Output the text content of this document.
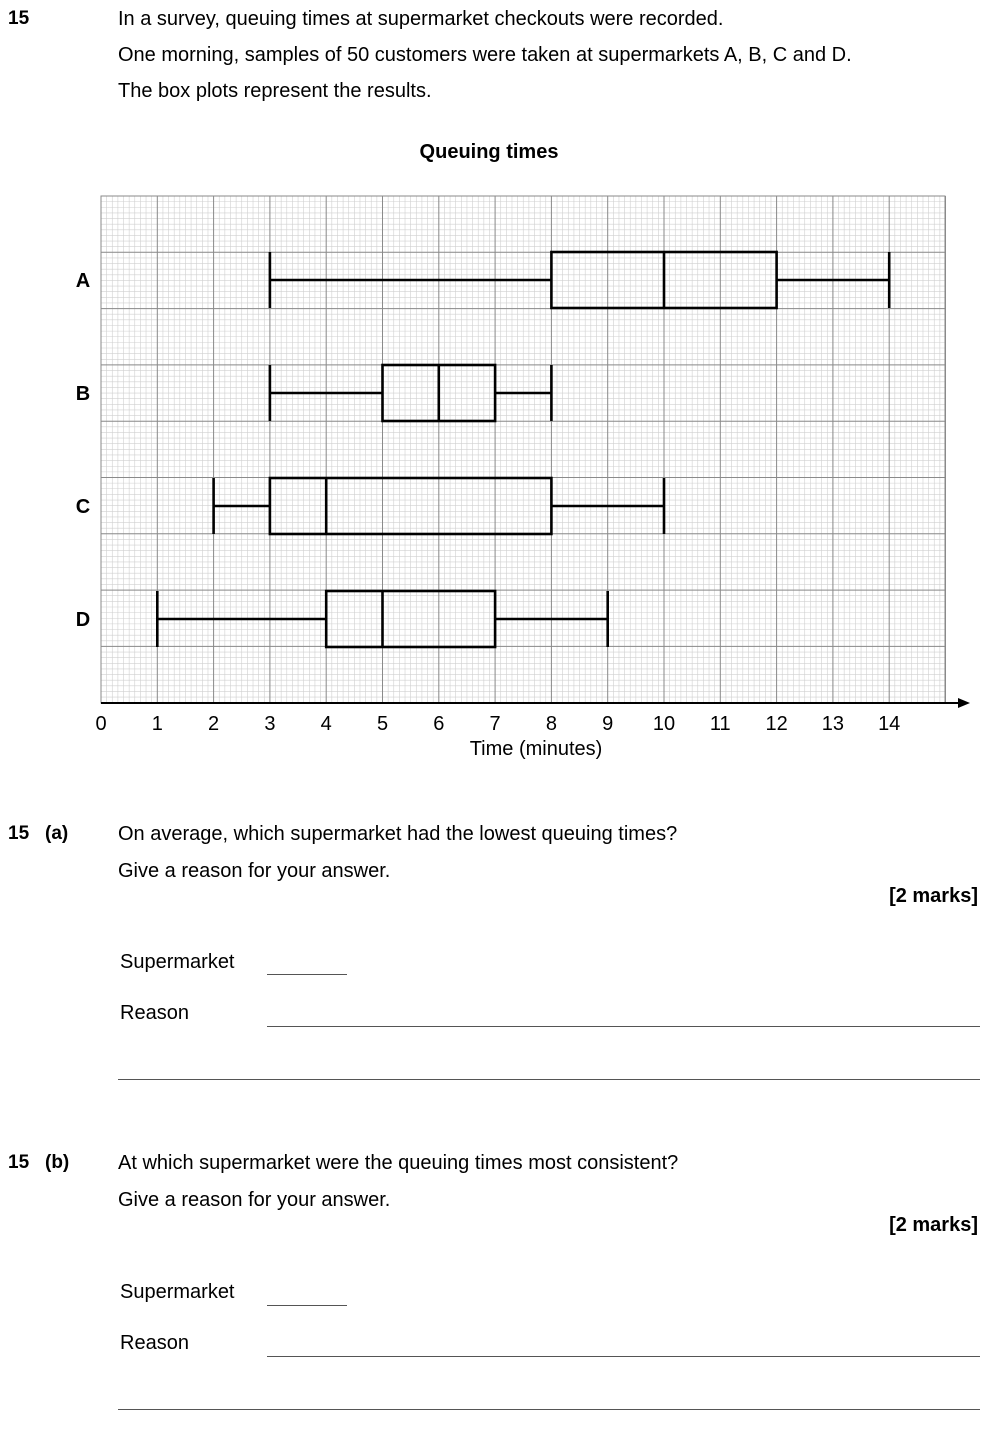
15	In a survey, queuing times at supermarket checkouts were recorded.
One morning, samples of 50 customers were taken at supermarkets A, B, C and D.
The box plots represent the results.
Queuing times
0 1 2 3 4 5 6 7 8 9 10 11 12 13 14
A
B
C
D
Time (minutes)
15 (a) On average, which supermarket had the lowest queuing times?
Give a reason for your answer.
[2 marks]
Supermarket
Reason
15 (b) At which supermarket were the queuing times most consistent?
Give a reason for your answer.
[2 marks]
Supermarket
Reason
